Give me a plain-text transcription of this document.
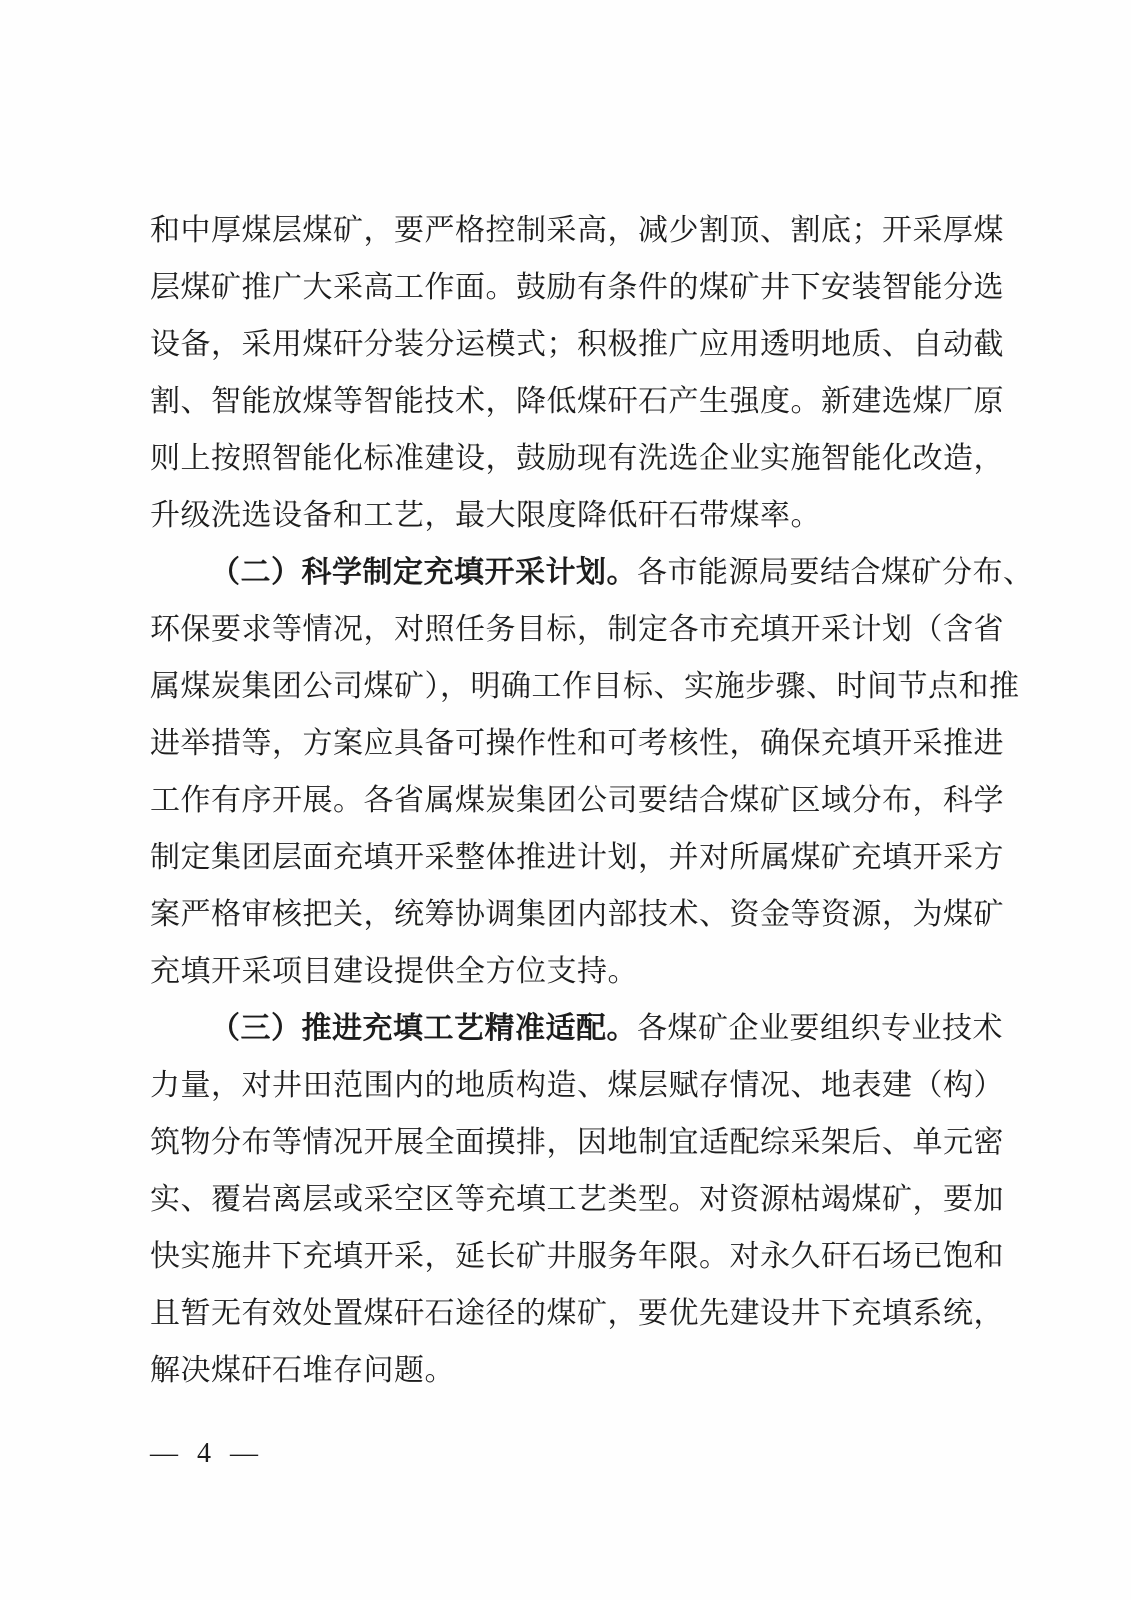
和中厚煤层煤矿，要严格控制采高，减少割顶、割底；开采厚煤
层煤矿推广大采高工作面。鼓励有条件的煤矿井下安装智能分选
设备，采用煤矸分装分运模式；积极推广应用透明地质、自动截
割、智能放煤等智能技术，降低煤矸石产生强度。新建选煤厂原
则上按照智能化标准建设，鼓励现有洗选企业实施智能化改造，
升级洗选设备和工艺，最大限度降低矸石带煤率。
（二）科学制定充填开采计划。各市能源局要结合煤矿分布、
环保要求等情况，对照任务目标，制定各市充填开采计划（含省
属煤炭集团公司煤矿），明确工作目标、实施步骤、时间节点和推
进举措等，方案应具备可操作性和可考核性，确保充填开采推进
工作有序开展。各省属煤炭集团公司要结合煤矿区域分布，科学
制定集团层面充填开采整体推进计划，并对所属煤矿充填开采方
案严格审核把关，统筹协调集团内部技术、资金等资源，为煤矿
充填开采项目建设提供全方位支持。
（三）推进充填工艺精准适配。各煤矿企业要组织专业技术
力量，对井田范围内的地质构造、煤层赋存情况、地表建（构）
筑物分布等情况开展全面摸排，因地制宜适配综采架后、单元密
实、覆岩离层或采空区等充填工艺类型。对资源枯竭煤矿，要加
快实施井下充填开采，延长矿井服务年限。对永久矸石场已饱和
且暂无有效处置煤矸石途径的煤矿，要优先建设井下充填系统，
解决煤矸石堆存问题。
— 4 —
